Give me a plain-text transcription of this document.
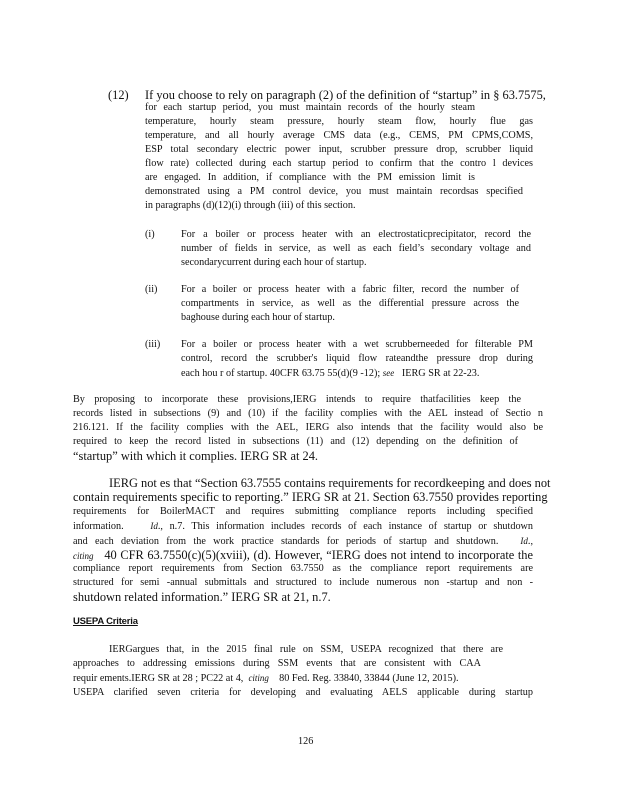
(12) If you choose to rely on paragraph (2) of the definition of “startup” in § 63.7575,
for each startup period, you must maintain records of the hourly steam
temperature, hourly steam pressure, hourly steam flow, hourly flue gas
temperature, and all hourly average CMS data (e.g., CEMS, PM CPMS,COMS,
ESP total secondary electric power input, scrubber pressure drop, scrubber liquid
flow rate) collected during each startup period to confirm that the contro l devices
are engaged. In addition, if compliance with the PM emission limit is
demonstrated using a PM control device, you must maintain recordsas specified
in paragraphs (d)(12)(i) through (iii) of this section.
(i)	For a boiler or process heater with an electrostaticprecipitator, record the
number of fields in service, as well as each field’s secondary voltage and
secondarycurrent during each hour of startup.
(ii) For a boiler or process heater with a fabric filter, record the number of
compartments in service, as well as the differential pressure across the
baghouse during each hour of startup.
(iii) For a boiler or process heater with a wet scrubberneeded for filterable PM
control, record the scrubber's liquid flow rateandthe pressure drop during
each hou r of startup. 40CFR 63.75 55(d)(9 -12); see IERG SR at 22-23.
By proposing to incorporate these provisions,IERG intends to require thatfacilities keep the
records listed in subsections (9) and (10) if the facility complies with the AEL instead of Sectio n
216.121. If the facility complies with the AEL, IERG also intends that the facility would also be
required to keep the record listed in subsections (11) and (12) depending on the definition of
“startup” with which it complies. IERG SR at 24.
IERG not es that “Section 63.7555 contains requirements for recordkeeping and does not
contain requirements specific to reporting.” IERG SR at 21. Section 63.7550 provides reporting
requirements for BoilerMACT and requires submitting compliance reports including specified
information.	Id., n.7. This information includes records of each instance of startup or shutdown
and each deviation from the work practice standards for periods of startup and shutdown. Id.,
citing 40 CFR 63.7550(c)(5)(xviii), (d). However, “IERG does not intend to incorporate the
compliance report requirements from Section 63.7550 as the compliance report requirements are
structured for semi -annual submittals and structured to include numerous non -startup and non -
shutdown related information.” IERG SR at 21, n.7.
USEPA Criteria
IERGargues that, in the 2015 final rule on SSM, USEPA recognized that there are
approaches to addressing emissions during SSM events that are consistent with CAA
requir ements.IERG SR at 28 ; PC22 at 4, citing 80 Fed. Reg. 33840, 33844 (June 12, 2015).
USEPA clarified seven criteria for developing and evaluating AELS applicable during startup
126
